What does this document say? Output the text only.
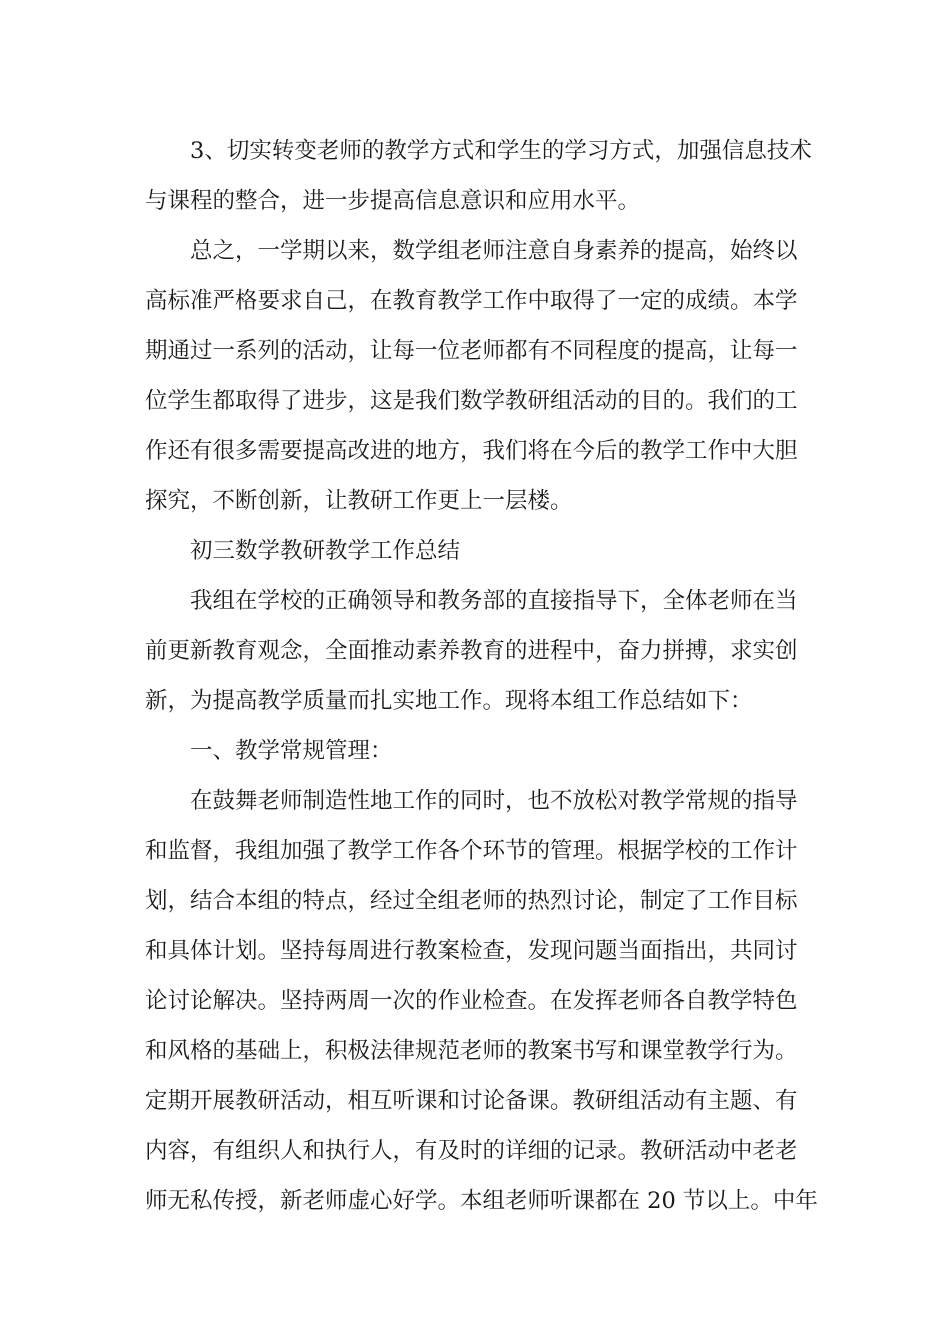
3、切实转变老师的教学方式和学生的学习方式，加强信息技术
与课程的整合，进一步提高信息意识和应用水平。
总之，一学期以来，数学组老师注意自身素养的提高，始终以
高标准严格要求自己，在教育教学工作中取得了一定的成绩。本学
期通过一系列的活动，让每一位老师都有不同程度的提高，让每一
位学生都取得了进步，这是我们数学教研组活动的目的。我们的工
作还有很多需要提高改进的地方，我们将在今后的教学工作中大胆
探究，不断创新，让教研工作更上一层楼。
初三数学教研教学工作总结
我组在学校的正确领导和教务部的直接指导下，全体老师在当
前更新教育观念，全面推动素养教育的进程中，奋力拼搏，求实创
新，为提高教学质量而扎实地工作。现将本组工作总结如下：
一、教学常规管理：
在鼓舞老师制造性地工作的同时，也不放松对教学常规的指导
和监督，我组加强了教学工作各个环节的管理。根据学校的工作计
划，结合本组的特点，经过全组老师的热烈讨论，制定了工作目标
和具体计划。坚持每周进行教案检查，发现问题当面指出，共同讨
论讨论解决。坚持两周一次的作业检查。在发挥老师各自教学特色
和风格的基础上，积极法律规范老师的教案书写和课堂教学行为。
定期开展教研活动，相互听课和讨论备课。教研组活动有主题、有
内容，有组织人和执行人，有及时的详细的记录。教研活动中老老
师无私传授，新老师虚心好学。本组老师听课都在 20 节以上。中年
